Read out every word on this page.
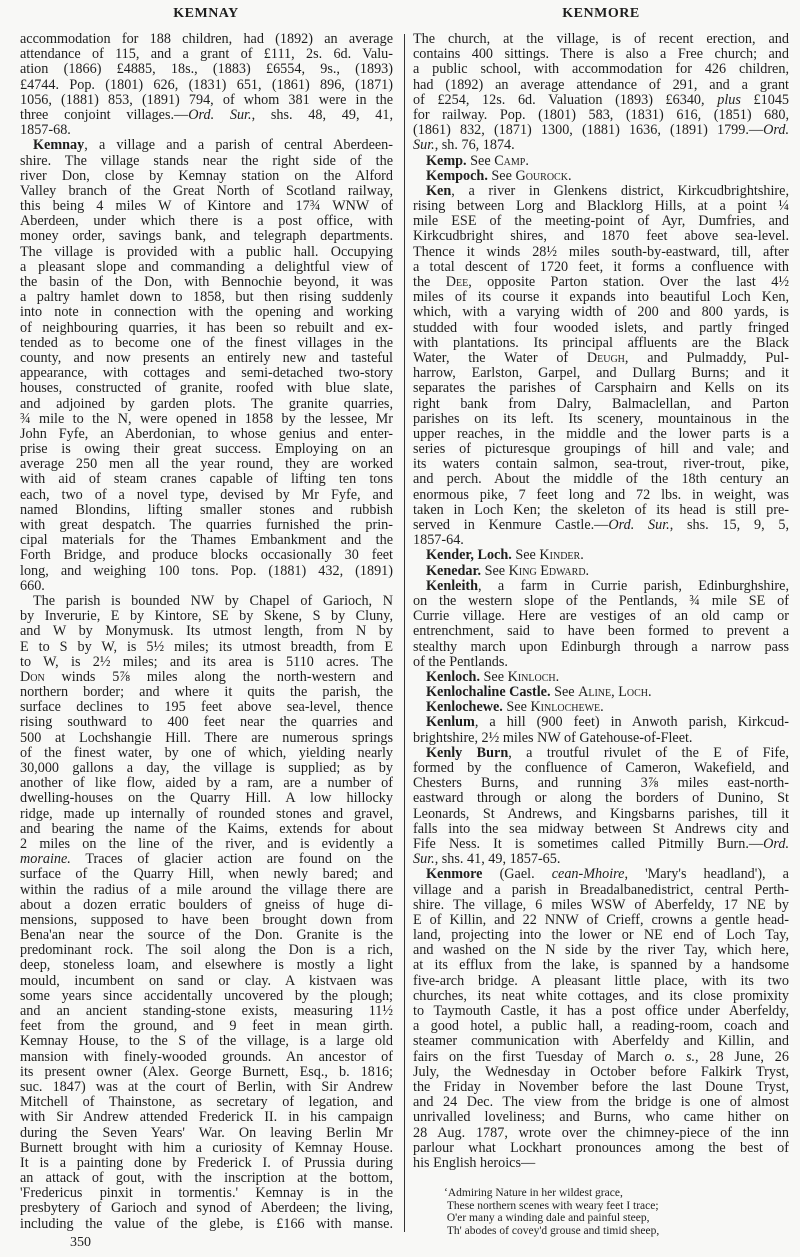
KEMNAY	KENMORE
accommodation for 188 children, had (1892) an average
attendance of 115, and a grant of £111, 2s. 6d. Valu-
ation (1866) £4885, 18s., (1883) £6554, 9s., (1893)
£4744. Pop. (1801) 626, (1831) 651, (1861) 896, (1871)
1056, (1881) 853, (1891) 794, of whom 381 were in the
three conjoint villages.—Ord. Sur., shs. 48, 49, 41,
1857-68.
Kemnay, a village and a parish of central Aberdeen-
shire. The village stands near the right side of the
river Don, close by Kemnay station on the Alford
Valley branch of the Great North of Scotland railway,
this being 4 miles W of Kintore and 17¾ WNW of
Aberdeen, under which there is a post office, with
money order, savings bank, and telegraph departments.
The village is provided with a public hall. Occupying
a pleasant slope and commanding a delightful view of
the basin of the Don, with Bennochie beyond, it was
a paltry hamlet down to 1858, but then rising suddenly
into note in connection with the opening and working
of neighbouring quarries, it has been so rebuilt and ex-
tended as to become one of the finest villages in the
county, and now presents an entirely new and tasteful
appearance, with cottages and semi-detached two-story
houses, constructed of granite, roofed with blue slate,
and adjoined by garden plots. The granite quarries,
¾ mile to the N, were opened in 1858 by the lessee, Mr
John Fyfe, an Aberdonian, to whose genius and enter-
prise is owing their great success. Employing on an
average 250 men all the year round, they are worked
with aid of steam cranes capable of lifting ten tons
each, two of a novel type, devised by Mr Fyfe, and
named Blondins, lifting smaller stones and rubbish
with great despatch. The quarries furnished the prin-
cipal materials for the Thames Embankment and the
Forth Bridge, and produce blocks occasionally 30 feet
long, and weighing 100 tons. Pop. (1881) 432, (1891)
660.
The parish is bounded NW by Chapel of Garioch, N
by Inverurie, E by Kintore, SE by Skene, S by Cluny,
and W by Monymusk. Its utmost length, from N by
E to S by W, is 5½ miles; its utmost breadth, from E
to W, is 2½ miles; and its area is 5110 acres. The
Don winds 5⅞ miles along the north-western and
northern border; and where it quits the parish, the
surface declines to 195 feet above sea-level, thence
rising southward to 400 feet near the quarries and
500 at Lochshangie Hill. There are numerous springs
of the finest water, by one of which, yielding nearly
30,000 gallons a day, the village is supplied; as by
another of like flow, aided by a ram, are a number of
dwelling-houses on the Quarry Hill. A low hillocky
ridge, made up internally of rounded stones and gravel,
and bearing the name of the Kaims, extends for about
2 miles on the line of the river, and is evidently a
moraine. Traces of glacier action are found on the
surface of the Quarry Hill, when newly bared; and
within the radius of a mile around the village there are
about a dozen erratic boulders of gneiss of huge di-
mensions, supposed to have been brought down from
Bena'an near the source of the Don. Granite is the
predominant rock. The soil along the Don is a rich,
deep, stoneless loam, and elsewhere is mostly a light
mould, incumbent on sand or clay. A kistvaen was
some years since accidentally uncovered by the plough;
and an ancient standing-stone exists, measuring 11½
feet from the ground, and 9 feet in mean girth.
Kemnay House, to the S of the village, is a large old
mansion with finely-wooded grounds. An ancestor of
its present owner (Alex. George Burnett, Esq., b. 1816;
suc. 1847) was at the court of Berlin, with Sir Andrew
Mitchell of Thainstone, as secretary of legation, and
with Sir Andrew attended Frederick II. in his campaign
during the Seven Years' War. On leaving Berlin Mr
Burnett brought with him a curiosity of Kemnay House.
It is a painting done by Frederick I. of Prussia during
an attack of gout, with the inscription at the bottom,
'Fredericus pinxit in tormentis.' Kemnay is in the
presbytery of Garioch and synod of Aberdeen; the living,
including the value of the glebe, is £166 with manse.
The church, at the village, is of recent erection, and
contains 400 sittings. There is also a Free church; and
a public school, with accommodation for 426 children,
had (1892) an average attendance of 291, and a grant
of £254, 12s. 6d. Valuation (1893) £6340, plus £1045
for railway. Pop. (1801) 583, (1831) 616, (1851) 680,
(1861) 832, (1871) 1300, (1881) 1636, (1891) 1799.—Ord.
Sur., sh. 76, 1874.
Kemp. See Camp.
Kempoch. See Gourock.
Ken, a river in Glenkens district, Kirkcudbrightshire,
rising between Lorg and Blacklorg Hills, at a point ¼
mile ESE of the meeting-point of Ayr, Dumfries, and
Kirkcudbright shires, and 1870 feet above sea-level.
Thence it winds 28½ miles south-by-eastward, till, after
a total descent of 1720 feet, it forms a confluence with
the Dee, opposite Parton station. Over the last 4½
miles of its course it expands into beautiful Loch Ken,
which, with a varying width of 200 and 800 yards, is
studded with four wooded islets, and partly fringed
with plantations. Its principal affluents are the Black
Water, the Water of Deugh, and Pulmaddy, Pul-
harrow, Earlston, Garpel, and Dullarg Burns; and it
separates the parishes of Carsphairn and Kells on its
right bank from Dalry, Balmaclellan, and Parton
parishes on its left. Its scenery, mountainous in the
upper reaches, in the middle and the lower parts is a
series of picturesque groupings of hill and vale; and
its waters contain salmon, sea-trout, river-trout, pike,
and perch. About the middle of the 18th century an
enormous pike, 7 feet long and 72 lbs. in weight, was
taken in Loch Ken; the skeleton of its head is still pre-
served in Kenmure Castle.—Ord. Sur., shs. 15, 9, 5,
1857-64.
Kender, Loch. See Kinder.
Kenedar. See King Edward.
Kenleith, a farm in Currie parish, Edinburghshire,
on the western slope of the Pentlands, ¾ mile SE of
Currie village. Here are vestiges of an old camp or
entrenchment, said to have been formed to prevent a
stealthy march upon Edinburgh through a narrow pass
of the Pentlands.
Kenloch. See Kinloch.
Kenlochaline Castle. See Aline, Loch.
Kenlochewe. See Kinlochewe.
Kenlum, a hill (900 feet) in Anwoth parish, Kirkcud-
brightshire, 2½ miles NW of Gatehouse-of-Fleet.
Kenly Burn, a troutful rivulet of the E of Fife,
formed by the confluence of Cameron, Wakefield, and
Chesters Burns, and running 3⅞ miles east-north-
eastward through or along the borders of Dunino, St
Leonards, St Andrews, and Kingsbarns parishes, till it
falls into the sea midway between St Andrews city and
Fife Ness. It is sometimes called Pitmilly Burn.—Ord.
Sur., shs. 41, 49, 1857-65.
Kenmore (Gael. cean-Mhoire, 'Mary's headland'), a
village and a parish in Breadalbanedistrict, central Perth-
shire. The village, 6 miles WSW of Aberfeldy, 17 NE by
E of Killin, and 22 NNW of Crieff, crowns a gentle head-
land, projecting into the lower or NE end of Loch Tay,
and washed on the N side by the river Tay, which here,
at its efflux from the lake, is spanned by a handsome
five-arch bridge. A pleasant little place, with its two
churches, its neat white cottages, and its close promixity
to Taymouth Castle, it has a post office under Aberfeldy,
a good hotel, a public hall, a reading-room, coach and
steamer communication with Aberfeldy and Killin, and
fairs on the first Tuesday of March o. s., 28 June, 26
July, the Wednesday in October before Falkirk Tryst,
the Friday in November before the last Doune Tryst,
and 24 Dec. The view from the bridge is one of almost
unrivalled loveliness; and Burns, who came hither on
28 Aug. 1787, wrote over the chimney-piece of the inn
parlour what Lockhart pronounces among the best of
his English heroics—
‘Admiring Nature in her wildest grace,
These northern scenes with weary feet I trace;
O'er many a winding dale and painful steep,
Th' abodes of covey'd grouse and timid sheep,
350
